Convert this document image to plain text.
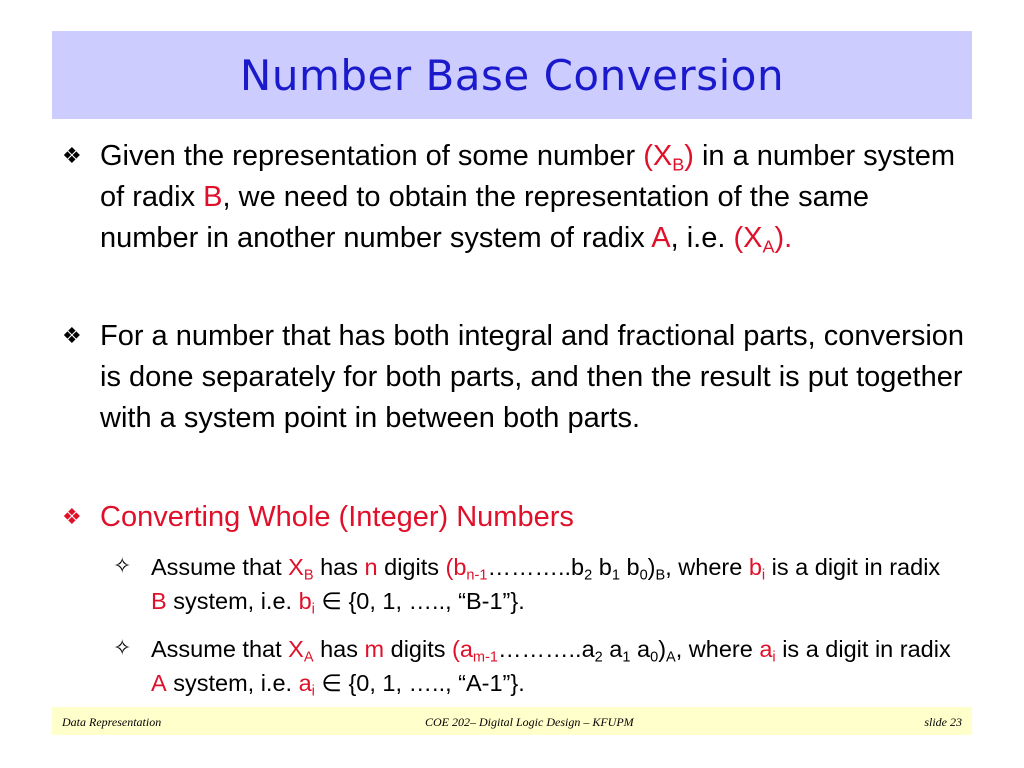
Number Base Conversion
❖ Given the representation of some number $(X_B)$ in a number system of radix B, we need to obtain the representation of the same number in another number system of radix A, i.e. $(X_A)$.
❖ For a number that has both integral and fractional parts, conversion is done separately for both parts, and then the result is put together with a system point in between both parts.
❖ Converting Whole (Integer) Numbers
✧ Assume that $X_B$ has n digits ($b_{n-1}\dots\dots\dots..b_2$ $b_1$ $b_0)_B$, where $b_i$ is a digit in radix B system, i.e. $b_i$ ∈ {0, 1, ….., “B-1”}.
✧ Assume that $X_A$ has m digits ($a_{m-1}\dots\dots\dots..a_2$ $a_1$ $a_0)_A$, where $a_i$ is a digit in radix A system, i.e. $a_i$ ∈ {0, 1, ….., “A-1”}.
Data Representation	COE 202– Digital Logic Design – KFUPM	slide 23
